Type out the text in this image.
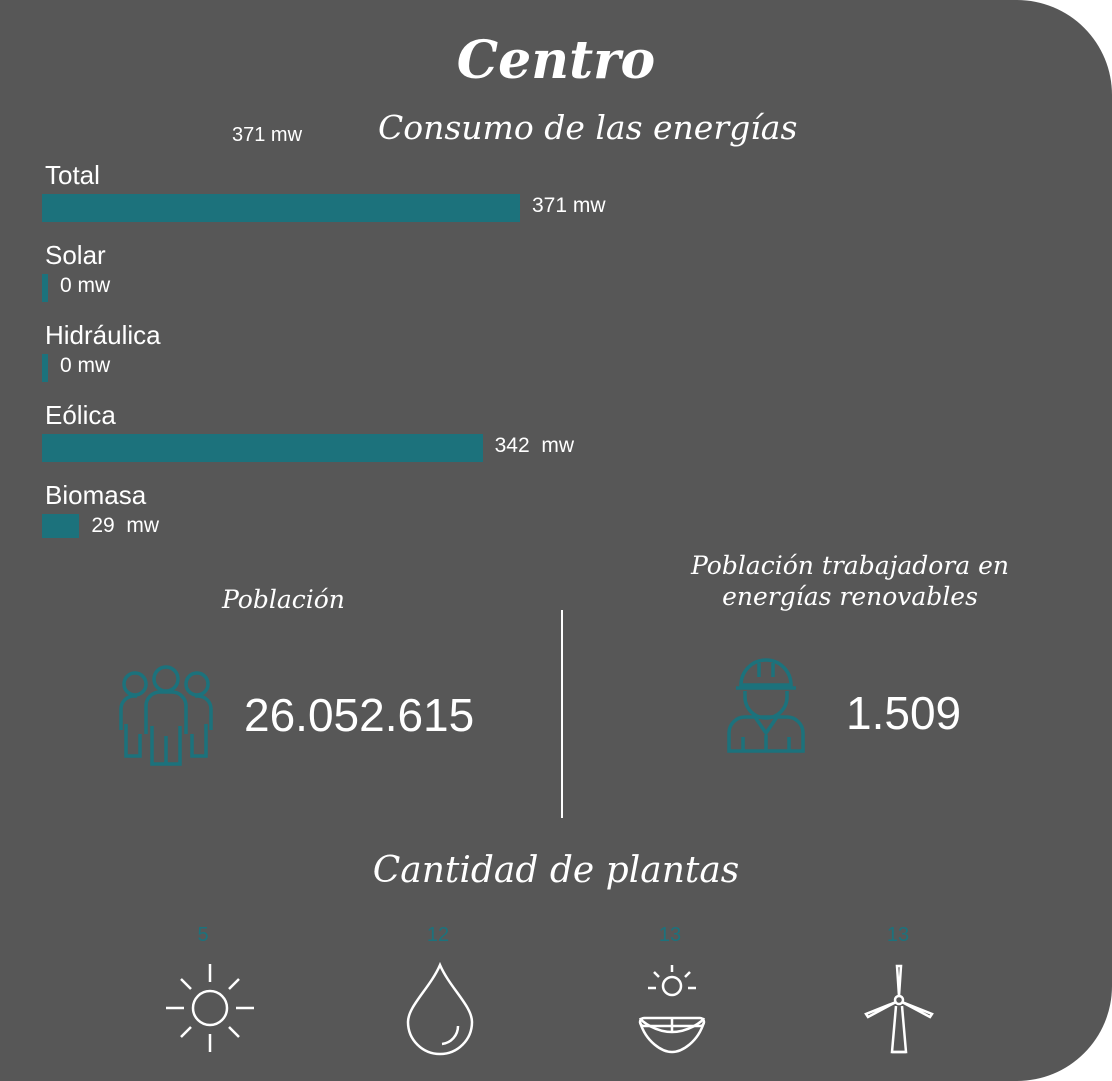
Centro
Consumo de las energías
371 mw
Total
371 mw
Solar
0 mw
Hidráulica
0 mw
Eólica
342  mw
Biomasa
29  mw
Población
Población trabajadora en
energías renovables
26.052.615	1.509
Cantidad de plantas
5	12	13	13
